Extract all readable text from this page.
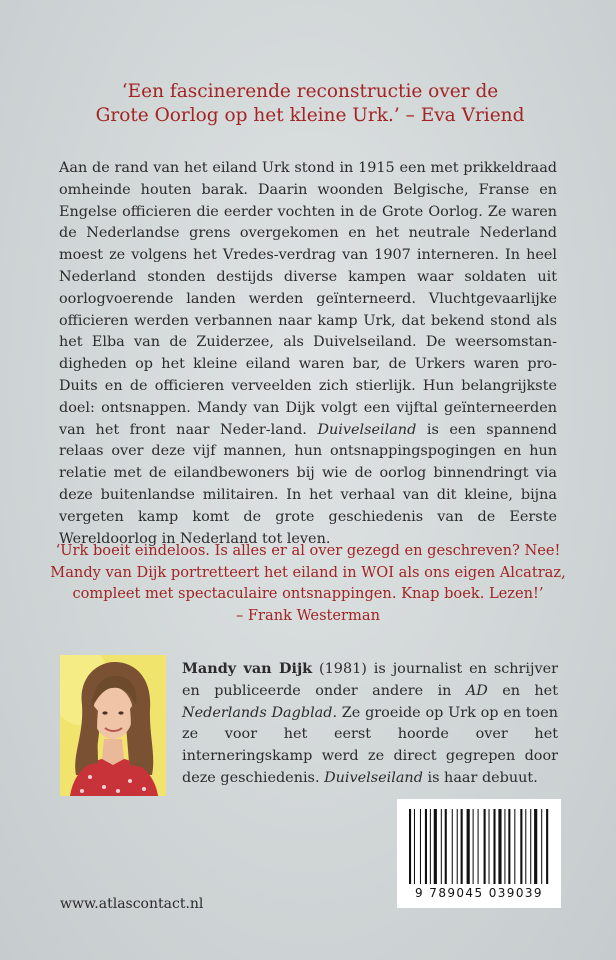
‘Een fascinerende reconstructie over de
Grote Oorlog op het kleine Urk.’ – Eva Vriend
Aan de rand van het eiland Urk stond in 1915 een met prikkeldraad omheinde houten barak. Daarin woonden Belgische, Franse en Engelse officieren die eerder vochten in de Grote Oorlog. Ze waren de Nederlandse grens overgekomen en het neutrale Nederland moest ze volgens het Vredes-verdrag van 1907 interneren. In heel Nederland stonden destijds diverse kampen waar soldaten uit oorlogvoerende landen werden geïnterneerd. Vluchtgevaarlijke officieren werden verbannen naar kamp Urk, dat bekend stond als het Elba van de Zuiderzee, als Duivelseiland. De weersomstan-digheden op het kleine eiland waren bar, de Urkers waren pro-Duits en de officieren verveelden zich stierlijk. Hun belangrijkste doel: ontsnappen. Mandy van Dijk volgt een vijftal geïnterneerden van het front naar Neder-land. Duivelseiland is een spannend relaas over deze vijf mannen, hun ontsnappingspogingen en hun relatie met de eilandbewoners bij wie de oorlog binnendringt via deze buitenlandse militairen. In het verhaal van dit kleine, bijna vergeten kamp komt de grote geschiedenis van de Eerste Wereldoorlog in Nederland tot leven.
‘Urk boeit eindeloos. Is alles er al over gezegd en geschreven? Nee!
Mandy van Dijk portretteert het eiland in WOI als ons eigen Alcatraz,
compleet met spectaculaire ontsnappingen. Knap boek. Lezen!’
– Frank Westerman
Mandy van Dijk (1981) is journalist en schrijver en publiceerde onder andere in AD en het Nederlands Dagblad. Ze groeide op Urk op en toen ze voor het eerst hoorde over het interneringskamp werd ze direct gegrepen door deze geschiedenis. Duivelseiland is haar debuut.
9 789045 039039
www.atlascontact.nl
